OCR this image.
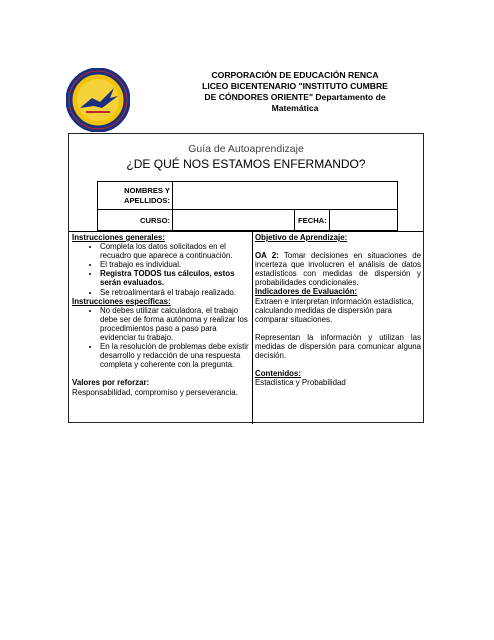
CORPORACIÓN DE EDUCACIÓN RENCA
LICEO BICENTENARIO "INSTITUTO CUMBRE
DE CÓNDORES ORIENTE" Departamento de
Matemática
Guía de Autoaprendizaje
¿DE QUÉ NOS ESTAMOS ENFERMANDO?
NOMBRES Y
APELLIDOS:
CURSO:	FECHA:
Instrucciones generales:
• Completa los datos solicitados en el recuadro que aparece a continuación.
• El trabajo es individual.
• Registra TODOS tus cálculos, estos serán evaluados.
• Se retroalimentará el trabajo realizado.
Instrucciones específicas:
• No debes utilizar calculadora, el trabajo debe ser de forma autónoma y realizar los procedimientos paso a paso para evidenciar tu trabajo.
• En la resolución de problemas debe existir desarrollo y redacción de una respuesta completa y coherente con la pregunta.
Valores por reforzar:
Responsabilidad, compromiso y perseverancia.
Objetivo de Aprendizaje:
OA 2: Tomar decisiones en situaciones de incerteza que involucren el análisis de datos estadísticos con medidas de dispersión y probabilidades condicionales.
Indicadores de Evaluación:
Extraen e interpretan información estadística, calculando medidas de dispersión para comparar situaciones.
Representan la información y utilizan las medidas de dispersión para comunicar alguna decisión.
Contenidos:
Estadística y Probabilidad
